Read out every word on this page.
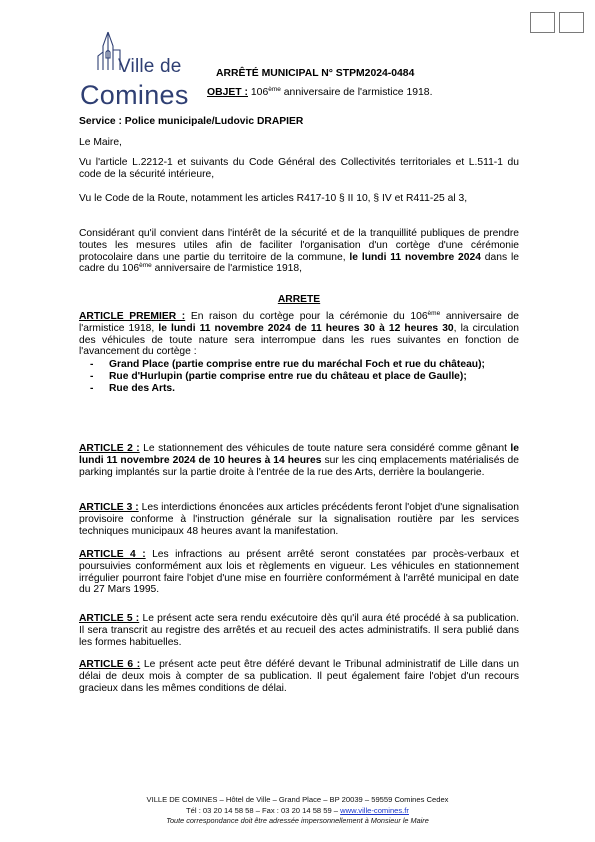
Ville de
Comines
ARRÊTÉ MUNICIPAL N° STPM2024-0484
OBJET : 106ème anniversaire de l'armistice 1918.
Service : Police municipale/Ludovic DRAPIER
Le Maire,

Vu l'article L.2212-1 et suivants du Code Général des Collectivités territoriales et L.511-1 du code de la sécurité intérieure,

Vu le Code de la Route, notamment les articles R417-10 § II 10, § IV et R411-25 al 3,

Considérant qu'il convient dans l'intérêt de la sécurité et de la tranquillité publiques de prendre toutes les mesures utiles afin de faciliter l'organisation d'un cortège d'une cérémonie protocolaire dans une partie du territoire de la commune, le lundi 11 novembre 2024 dans le cadre du 106ème anniversaire de l'armistice 1918,

ARRETE

ARTICLE PREMIER : En raison du cortège pour la cérémonie du 106ème anniversaire de l'armistice 1918, le lundi 11 novembre 2024 de 11 heures 30 à 12 heures 30, la circulation des véhicules de toute nature sera interrompue dans les rues suivantes en fonction de l'avancement du cortège :

- Grand Place (partie comprise entre rue du maréchal Foch et rue du château);
- Rue d'Hurlupin (partie comprise entre rue du château et place de Gaulle);
- Rue des Arts.

ARTICLE 2 : Le stationnement des véhicules de toute nature sera considéré comme gênant le lundi 11 novembre 2024 de 10 heures à 14 heures sur les cinq emplacements matérialisés de parking implantés sur la partie droite à l'entrée de la rue des Arts, derrière la boulangerie.

ARTICLE 3 : Les interdictions énoncées aux articles précédents feront l'objet d'une signalisation provisoire conforme à l'instruction générale sur la signalisation routière par les services techniques municipaux 48 heures avant la manifestation.

ARTICLE 4 : Les infractions au présent arrêté seront constatées par procès-verbaux et poursuivies conformément aux lois et règlements en vigueur. Les véhicules en stationnement irrégulier pourront faire l'objet d'une mise en fourrière conformément à l'arrêté municipal en date du 27 Mars 1995.

ARTICLE 5 : Le présent acte sera rendu exécutoire dès qu'il aura été procédé à sa publication. Il sera transcrit au registre des arrêtés et au recueil des actes administratifs. Il sera publié dans les formes habituelles.

ARTICLE 6 : Le présent acte peut être déféré devant le Tribunal administratif de Lille dans un délai de deux mois à compter de sa publication. Il peut également faire l'objet d'un recours gracieux dans les mêmes conditions de délai.

VILLE DE COMINES – Hôtel de Ville – Grand Place – BP 20039 – 59559 Comines Cedex
Tél : 03 20 14 58 58 – Fax : 03 20 14 58 59 – www.ville-comines.fr
Toute correspondance doit être adressée impersonnellement à Monsieur le Maire
